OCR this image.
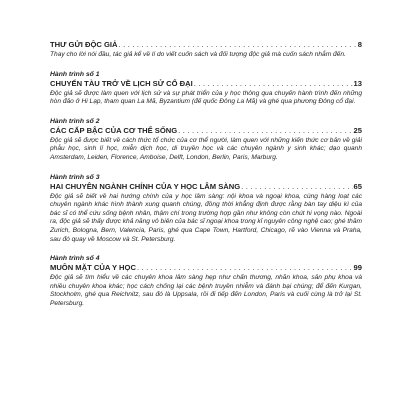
THƯ GỬI ĐỘC GIẢ . . .	8

Thay cho lời nói đầu, tác giả kể về lí do viết cuốn sách và đối tượng độc giả mà cuốn sách nhắm đến.

Hành trình số 1

CHUYẾN TÀU TRỞ VỀ LỊCH SỬ CỔ ĐẠI . . .	13

Độc giả sẽ được làm quen với lịch sử và sự phát triển của y học thông qua chuyến hành trình đến những hòn đảo ở Hi Lạp, tham quan La Mã, Byzantium (đế quốc Đông La Mã) và ghé qua phương Đông cổ đại.

Hành trình số 2

CÁC CẤP BẬC CỦA CƠ THỂ SỐNG . . .	25

Độc giả sẽ được biết về cách thức tổ chức của cơ thể người, làm quen với những kiến thức cơ bản về giải phẫu học, sinh lí học, miễn dịch học, di truyền học và các chuyên ngành y sinh khác; dạo quanh Amsterdam, Leiden, Florence, Amboise, Delft, London, Berlin, Paris, Marburg.

Hành trình số 3

HAI CHUYÊN NGÀNH CHÍNH CỦA Y HỌC LÂM SÀNG . . .	65

Độc giả sẽ biết về hai hướng chính của y học lâm sàng: nội khoa và ngoại khoa, cùng hàng loạt các chuyên ngành khác hình thành xung quanh chúng, đồng thời khẳng định được rằng bàn tay diệu kì của bác sĩ có thể cứu sống bệnh nhân, thậm chí trong trường hợp gần như không còn chút hi vọng nào. Ngoài ra, độc giả sẽ thấy được khả năng vô biên của bác sĩ ngoại khoa trong kỉ nguyên công nghệ cao; ghé thăm Zurich, Bologna, Bern, Valencia, Paris, ghé qua Cape Town, Hartford, Chicago, rẽ vào Vienna và Praha, sau đó quay về Moscow và St. Petersburg.

Hành trình số 4

MUÔN MẶT CỦA Y HỌC . . .	99

Độc giả sẽ tìm hiểu về các chuyên khoa lâm sàng hẹp như chấn thương, nhãn khoa, sản phụ khoa và nhiều chuyên khoa khác; học cách chống lại các bệnh truyền nhiễm và đánh bại chúng; để đến Kurgan, Stockholm, ghé qua Reichnitz, sau đó là Uppsala, rồi đi tiếp đến London, Paris và cuối cùng là trở lại St. Petersburg.
